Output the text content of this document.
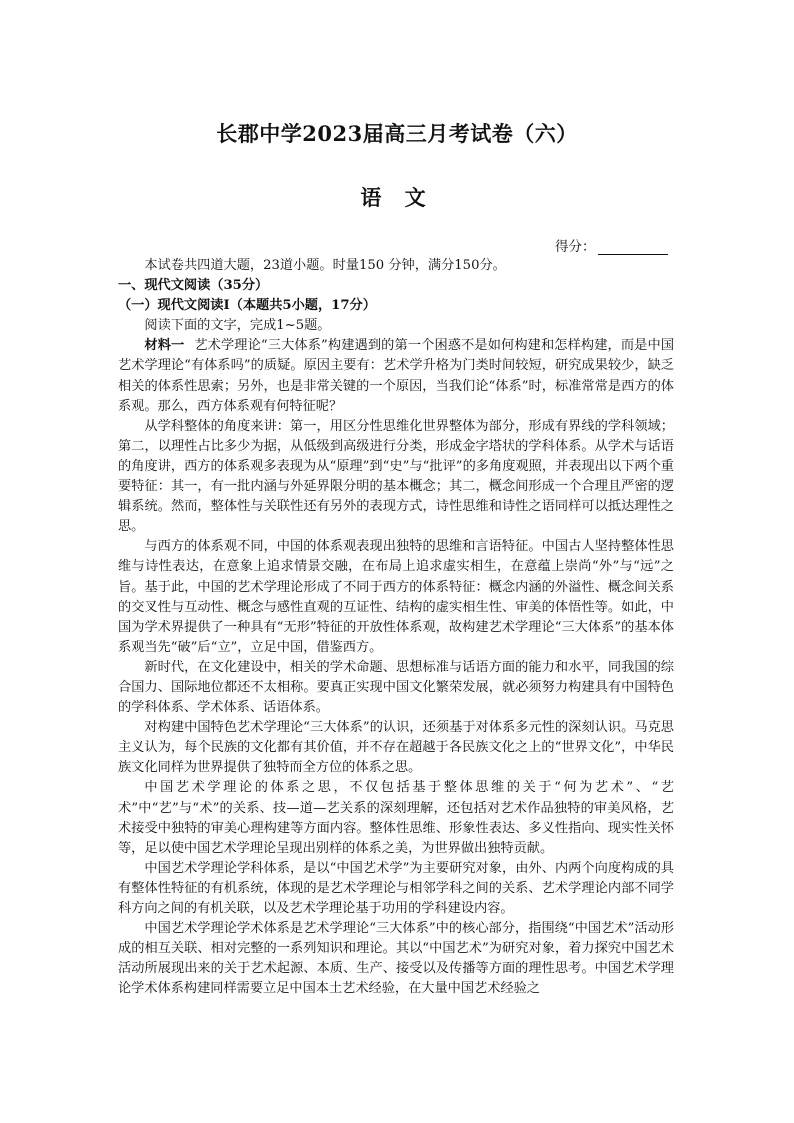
长郡中学2023届高三月考试卷（六）
语 文
得分：

本试卷共四道大题，23道小题。时量150 分钟，满分150分。

一、现代文阅读（35分）
（一）现代文阅读Ⅰ（本题共5小题，17分）

阅读下面的文字，完成1~5题。

材料一 艺术学理论“三大体系”构建遇到的第一个困惑不是如何构建和怎样构建，而是中国艺术学理论“有体系吗”的质疑。原因主要有：艺术学升格为门类时间较短，研究成果较少，缺乏相关的体系性思索；另外，也是非常关键的一个原因，当我们论“体系”时，标准常常是西方的体系观。那么，西方体系观有何特征呢？

从学科整体的角度来讲：第一，用区分性思维化世界整体为部分，形成有界线的学科领域；第二，以理性占比多少为据，从低级到高级进行分类，形成金字塔状的学科体系。从学术与话语的角度讲，西方的体系观多表现为从“原理”到“史”与“批评”的多角度观照，并表现出以下两个重要特征：其一，有一批内涵与外延界限分明的基本概念；其二，概念间形成一个合理且严密的逻辑系统。然而，整体性与关联性还有另外的表现方式，诗性思维和诗性之语同样可以抵达理性之思。

与西方的体系观不同，中国的体系观表现出独特的思维和言语特征。中国古人坚持整体性思维与诗性表达，在意象上追求情景交融，在布局上追求虚实相生，在意蕴上崇尚“外”与“远”之旨。基于此，中国的艺术学理论形成了不同于西方的体系特征：概念内涵的外溢性、概念间关系的交叉性与互动性、概念与感性直观的互证性、结构的虚实相生性、审美的体悟性等。如此，中国为学术界提供了一种具有“无形”特征的开放性体系观，故构建艺术学理论“三大体系”的基本体系观当先“破”后“立”，立足中国，借鉴西方。

新时代，在文化建设中，相关的学术命题、思想标准与话语方面的能力和水平，同我国的综合国力、国际地位都还不太相称。要真正实现中国文化繁荣发展，就必须努力构建具有中国特色的学科体系、学术体系、话语体系。

对构建中国特色艺术学理论“三大体系”的认识，还须基于对体系多元性的深刻认识。马克思主义认为，每个民族的文化都有其价值，并不存在超越于各民族文化之上的“世界文化”，中华民族文化同样为世界提供了独特而全方位的体系之思。

中国艺术学理论的体系之思，不仅包括基于整体思维的关于“何为艺术”、“艺术”中“艺”与“术”的关系、技—道—艺关系的深刻理解，还包括对艺术作品独特的审美风格，艺术接受中独特的审美心理构建等方面内容。整体性思维、形象性表达、多义性指向、现实性关怀等，足以使中国艺术学理论呈现出别样的体系之美，为世界做出独特贡献。

中国艺术学理论学科体系，是以“中国艺术学”为主要研究对象，由外、内两个向度构成的具有整体性特征的有机系统，体现的是艺术学理论与相邻学科之间的关系、艺术学理论内部不同学科方向之间的有机关联，以及艺术学理论基于功用的学科建设内容。

中国艺术学理论学术体系是艺术学理论“三大体系”中的核心部分，指围绕“中国艺术”活动形成的相互关联、相对完整的一系列知识和理论。其以“中国艺术”为研究对象，着力探究中国艺术活动所展现出来的关于艺术起源、本质、生产、接受以及传播等方面的理性思考。中国艺术学理论学术体系构建同样需要立足中国本土艺术经验，在大量中国艺术经验之
